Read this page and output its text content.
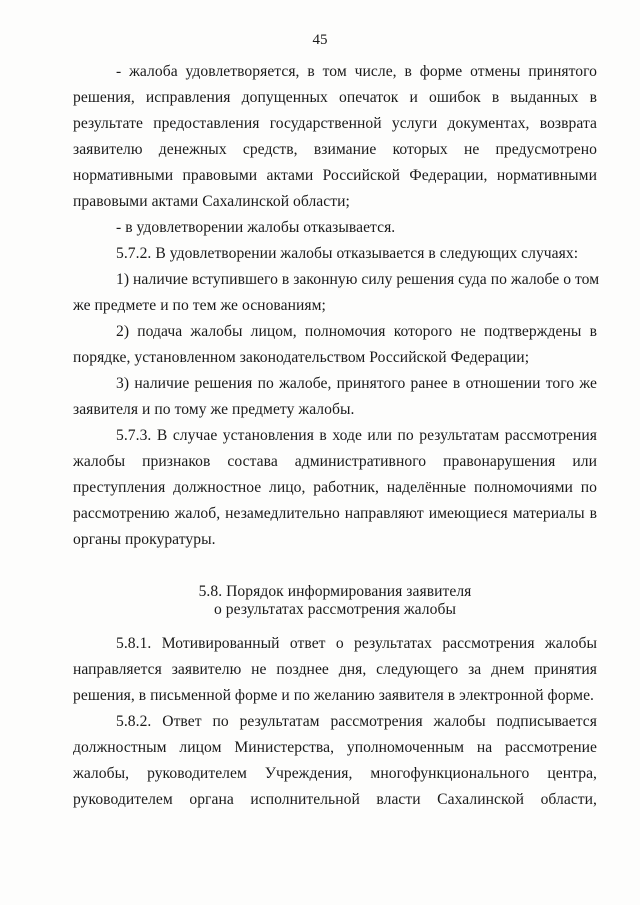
45
- жалоба удовлетворяется, в том числе, в форме отмены принятого
решения, исправления допущенных опечаток и ошибок в выданных в
результате предоставления государственной услуги документах, возврата
заявителю денежных средств, взимание которых не предусмотрено
нормативными правовыми актами Российской Федерации, нормативными
правовыми актами Сахалинской области;
- в удовлетворении жалобы отказывается.
5.7.2. В удовлетворении жалобы отказывается в следующих случаях:
1) наличие вступившего в законную силу решения суда по жалобе о том
же предмете и по тем же основаниям;
2) подача жалобы лицом, полномочия которого не подтверждены в
порядке, установленном законодательством Российской Федерации;
3) наличие решения по жалобе, принятого ранее в отношении того же
заявителя и по тому же предмету жалобы.
5.7.3. В случае установления в ходе или по результатам рассмотрения
жалобы признаков состава административного правонарушения или
преступления должностное лицо, работник, наделённые полномочиями по
рассмотрению жалоб, незамедлительно направляют имеющиеся материалы в
органы прокуратуры.
5.8. Порядок информирования заявителя
о результатах рассмотрения жалобы
5.8.1. Мотивированный ответ о результатах рассмотрения жалобы
направляется заявителю не позднее дня, следующего за днем принятия
решения, в письменной форме и по желанию заявителя в электронной форме.
5.8.2. Ответ по результатам рассмотрения жалобы подписывается
должностным лицом Министерства, уполномоченным на рассмотрение
жалобы, руководителем Учреждения, многофункционального центра,
руководителем органа исполнительной власти Сахалинской области,
